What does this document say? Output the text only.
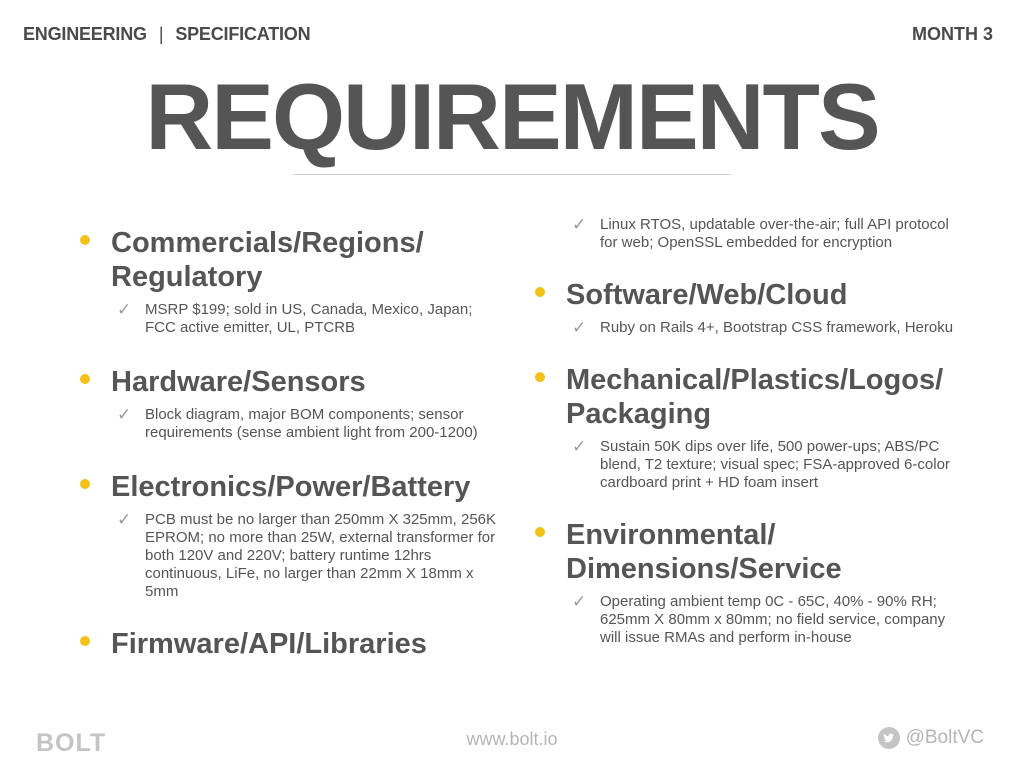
ENGINEERING | SPECIFICATION	MONTH 3
REQUIREMENTS
Commercials/Regions/
Regulatory
✓ MSRP $199; sold in US, Canada, Mexico, Japan; FCC active emitter, UL, PTCRB
Hardware/Sensors
✓ Block diagram, major BOM components; sensor requirements (sense ambient light from 200-1200)
Electronics/Power/Battery
✓ PCB must be no larger than 250mm X 325mm, 256K EPROM; no more than 25W, external transformer for both 120V and 220V; battery runtime 12hrs continuous, LiFe, no larger than 22mm X 18mm x 5mm
Firmware/API/Libraries
✓ Linux RTOS, updatable over-the-air; full API protocol for web; OpenSSL embedded for encryption
Software/Web/Cloud
✓ Ruby on Rails 4+, Bootstrap CSS framework, Heroku
Mechanical/Plastics/Logos/
Packaging
✓ Sustain 50K dips over life, 500 power-ups; ABS/PC blend, T2 texture; visual spec; FSA-approved 6-color cardboard print + HD foam insert
Environmental/
Dimensions/Service
✓ Operating ambient temp 0C - 65C, 40% - 90% RH; 625mm X 80mm x 80mm; no field service, company will issue RMAs and perform in-house
BOLT	www.bolt.io	@BoltVC
